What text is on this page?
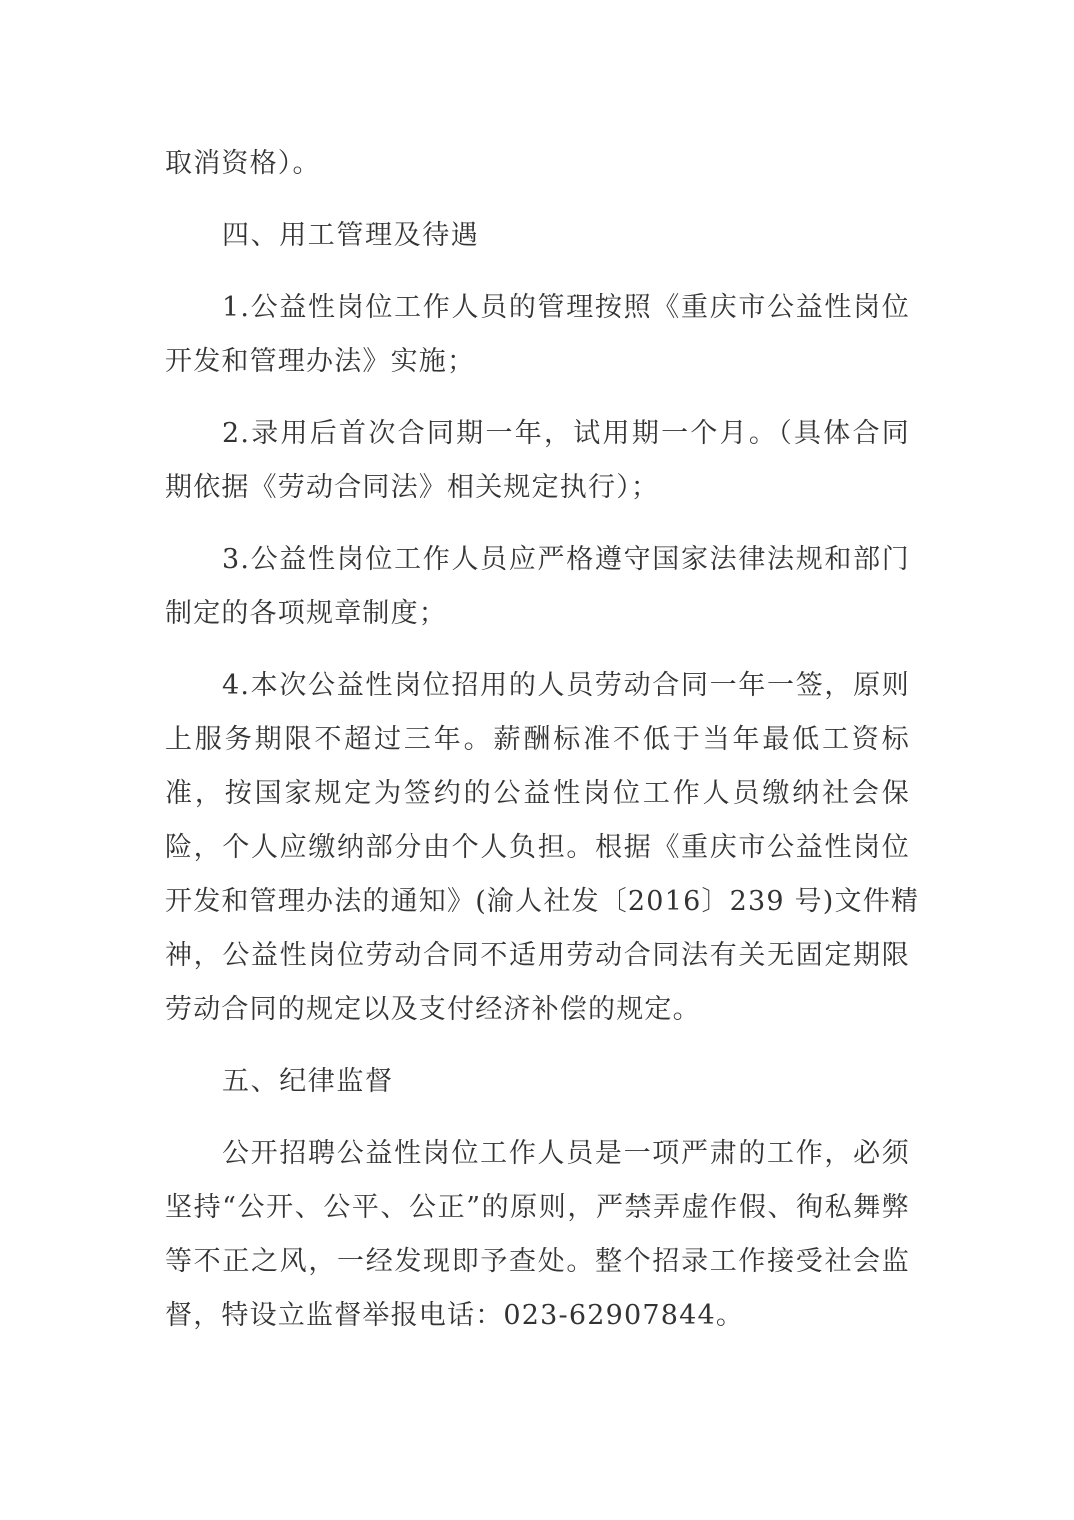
取消资格）。
四、用工管理及待遇
1.公益性岗位工作人员的管理按照《重庆市公益性岗位
开发和管理办法》实施；
2.录用后首次合同期一年，试用期一个月。（具体合同
期依据《劳动合同法》相关规定执行）；
3.公益性岗位工作人员应严格遵守国家法律法规和部门
制定的各项规章制度；
4.本次公益性岗位招用的人员劳动合同一年一签，原则
上服务期限不超过三年。薪酬标准不低于当年最低工资标
准，按国家规定为签约的公益性岗位工作人员缴纳社会保
险，个人应缴纳部分由个人负担。根据《重庆市公益性岗位
开发和管理办法的通知》(渝人社发〔2016〕239 号)文件精
神，公益性岗位劳动合同不适用劳动合同法有关无固定期限
劳动合同的规定以及支付经济补偿的规定。
五、纪律监督
公开招聘公益性岗位工作人员是一项严肃的工作，必须
坚持“公开、公平、公正”的原则，严禁弄虚作假、徇私舞弊
等不正之风，一经发现即予查处。整个招录工作接受社会监
督，特设立监督举报电话：023-62907844。
